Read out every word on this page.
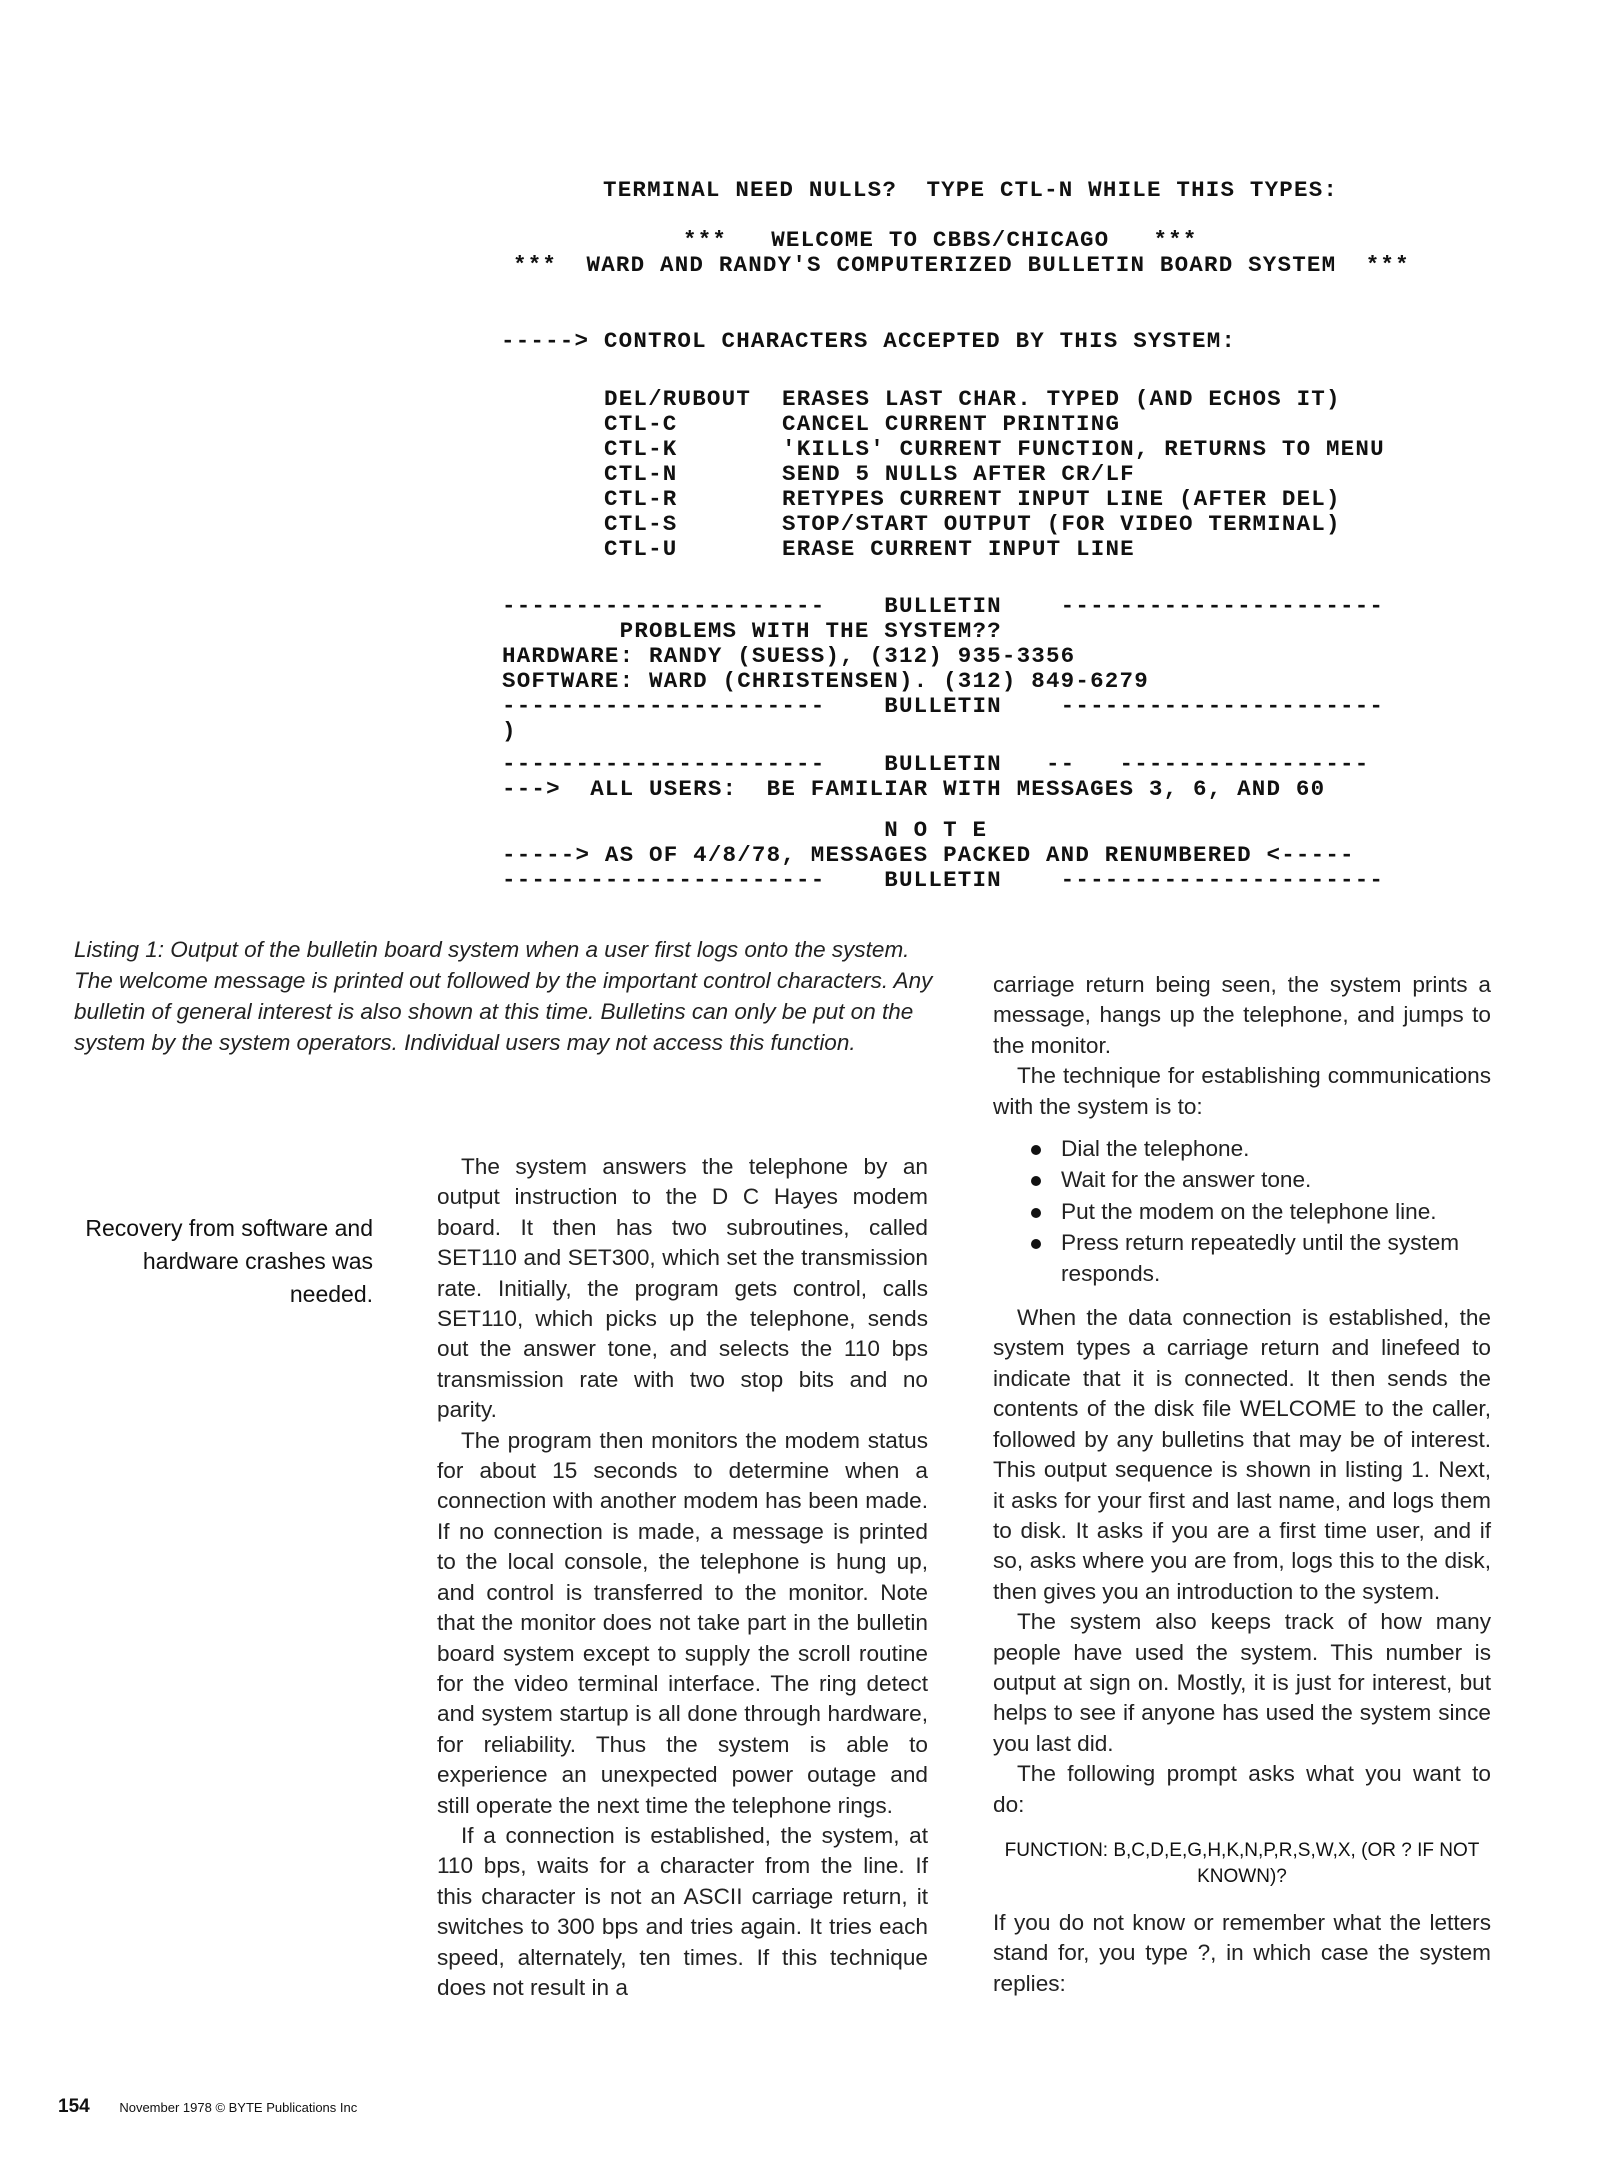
TERMINAL NEED NULLS?  TYPE CTL-N WHILE THIS TYPES:
***   WELCOME TO CBBS/CHICAGO   ***
***  WARD AND RANDY'S COMPUTERIZED BULLETIN BOARD SYSTEM  ***
-----> CONTROL CHARACTERS ACCEPTED BY THIS SYSTEM:
DEL/RUBOUT ERASES LAST CHAR. TYPED (AND ECHOS IT)
CTL-C	CANCEL CURRENT PRINTING
CTL-K	'KILLS' CURRENT FUNCTION, RETURNS TO MENU
CTL-N	SEND 5 NULLS AFTER CR/LF
CTL-R	RETYPES CURRENT INPUT LINE (AFTER DEL)
CTL-S	STOP/START OUTPUT (FOR VIDEO TERMINAL)
CTL-U	ERASE CURRENT INPUT LINE
----------------------    BULLETIN    ----------------------
PROBLEMS WITH THE SYSTEM??
HARDWARE: RANDY (SUESS), (312) 935-3356
SOFTWARE: WARD (CHRISTENSEN). (312) 849-6279
----------------------    BULLETIN    ----------------------
)
----------------------    BULLETIN   --   -----------------
--->  ALL USERS:  BE FAMILIAR WITH MESSAGES 3, 6, AND 60
N O T E
-----> AS OF 4/8/78, MESSAGES PACKED AND RENUMBERED <-----
----------------------    BULLETIN    ----------------------
Listing 1: Output of the bulletin board system when a user first logs onto the system. The welcome message is printed out followed by the important control characters. Any bulletin of general interest is also shown at this time. Bulletins can only be put on the system by the system operators. Individual users may not access this function.
Recovery from software and hardware crashes was needed.

The system answers the telephone by an output instruction to the D C Hayes modem board. It then has two subroutines, called SET110 and SET300, which set the transmission rate. Initially, the program gets control, calls SET110, which picks up the telephone, sends out the answer tone, and selects the 110 bps transmission rate with two stop bits and no parity.

The program then monitors the modem status for about 15 seconds to determine when a connection with another modem has been made. If no connection is made, a message is printed to the local console, the telephone is hung up, and control is transferred to the monitor. Note that the monitor does not take part in the bulletin board system except to supply the scroll routine for the video terminal interface. The ring detect and system startup is all done through hardware, for reliability. Thus the system is able to experience an unexpected power outage and still operate the next time the telephone rings.

If a connection is established, the system, at 110 bps, waits for a character from the line. If this character is not an ASCII carriage return, it switches to 300 bps and tries again. It tries each speed, alternately, ten times. If this technique does not result in a

carriage return being seen, the system prints a message, hangs up the telephone, and jumps to the monitor.

The technique for establishing communications with the system is to:

Dial the telephone.
Wait for the answer tone.
Put the modem on the telephone line.
Press return repeatedly until the system responds.

When the data connection is established, the system types a carriage return and linefeed to indicate that it is connected. It then sends the contents of the disk file WELCOME to the caller, followed by any bulletins that may be of interest. This output sequence is shown in listing 1. Next, it asks for your first and last name, and logs them to disk. It asks if you are a first time user, and if so, asks where you are from, logs this to the disk, then gives you an introduction to the system.

The system also keeps track of how many people have used the system. This number is output at sign on. Mostly, it is just for interest, but helps to see if anyone has used the system since you last did.

The following prompt asks what you want to do:

FUNCTION: B,C,D,E,G,H,K,N,P,R,S,W,X, (OR ? IF NOT KNOWN)?

If you do not know or remember what the letters stand for, you type ?, in which case the system replies:

154 November 1978 © BYTE Publications Inc
